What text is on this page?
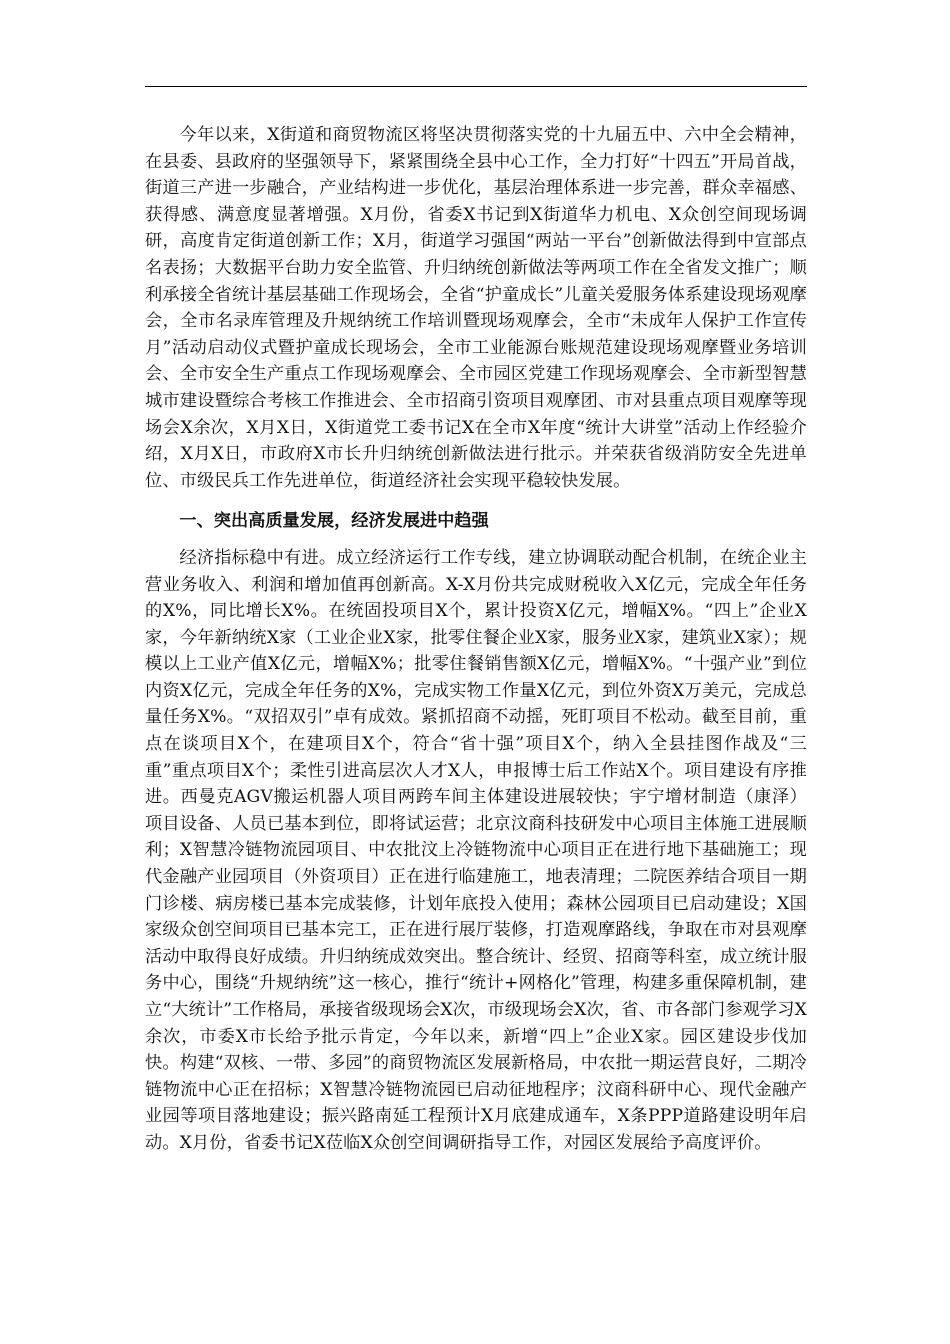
今年以来，X街道和商贸物流区将坚决贯彻落实党的十九届五中、六中全会精神，在县委、县政府的坚强领导下，紧紧围绕全县中心工作，全力打好“十四五”开局首战，街道三产进一步融合，产业结构进一步优化，基层治理体系进一步完善，群众幸福感、获得感、满意度显著增强。X月份，省委X书记到X街道华力机电、X众创空间现场调研，高度肯定街道创新工作；X月，街道学习强国“两站一平台”创新做法得到中宣部点名表扬；大数据平台助力安全监管、升归纳统创新做法等两项工作在全省发文推广；顺利承接全省统计基层基础工作现场会，全省“护童成长”儿童关爱服务体系建设现场观摩会，全市名录库管理及升规纳统工作培训暨现场观摩会，全市“未成年人保护工作宣传月”活动启动仪式暨护童成长现场会，全市工业能源台账规范建设现场观摩暨业务培训会、全市安全生产重点工作现场观摩会、全市园区党建工作现场观摩会、全市新型智慧城市建设暨综合考核工作推进会、全市招商引资项目观摩团、市对县重点项目观摩等现场会X余次，X月X日，X街道党工委书记X在全市X年度“统计大讲堂”活动上作经验介绍，X月X日，市政府X市长升归纳统创新做法进行批示。并荣获省级消防安全先进单位、市级民兵工作先进单位，街道经济社会实现平稳较快发展。

一、突出高质量发展，经济发展进中趋强

经济指标稳中有进。成立经济运行工作专线，建立协调联动配合机制，在统企业主营业务收入、利润和增加值再创新高。X-X月份共完成财税收入X亿元，完成全年任务的X%，同比增长X%。在统固投项目X个，累计投资X亿元，增幅X%。“四上”企业X家，今年新纳统X家（工业企业X家，批零住餐企业X家，服务业X家，建筑业X家）；规模以上工业产值X亿元，增幅X%；批零住餐销售额X亿元，增幅X%。“十强产业”到位内资X亿元，完成全年任务的X%，完成实物工作量X亿元，到位外资X万美元，完成总量任务X%。“双招双引”卓有成效。紧抓招商不动摇，死盯项目不松动。截至目前，重点在谈项目X个，在建项目X个，符合“省十强”项目X个，纳入全县挂图作战及“三重”重点项目X个；柔性引进高层次人才X人，申报博士后工作站X个。项目建设有序推进。西曼克AGV搬运机器人项目两跨车间主体建设进展较快；宇宁增材制造（康泽）项目设备、人员已基本到位，即将试运营；北京汶商科技研发中心项目主体施工进展顺利；X智慧冷链物流园项目、中农批汶上冷链物流中心项目正在进行地下基础施工；现代金融产业园项目（外资项目）正在进行临建施工，地表清理；二院医养结合项目一期门诊楼、病房楼已基本完成装修，计划年底投入使用；森林公园项目已启动建设；X国家级众创空间项目已基本完工，正在进行展厅装修，打造观摩路线，争取在市对县观摩活动中取得良好成绩。升归纳统成效突出。整合统计、经贸、招商等科室，成立统计服务中心，围绕“升规纳统”这一核心，推行“统计+网格化”管理，构建多重保障机制，建立“大统计”工作格局，承接省级现场会X次，市级现场会X次，省、市各部门参观学习X余次，市委X市长给予批示肯定，今年以来，新增“四上”企业X家。园区建设步伐加快。构建“双核、一带、多园”的商贸物流区发展新格局，中农批一期运营良好，二期冷链物流中心正在招标；X智慧冷链物流园已启动征地程序；汶商科研中心、现代金融产业园等项目落地建设；振兴路南延工程预计X月底建成通车，X条PPP道路建设明年启动。X月份，省委书记X莅临X众创空间调研指导工作，对园区发展给予高度评价。
